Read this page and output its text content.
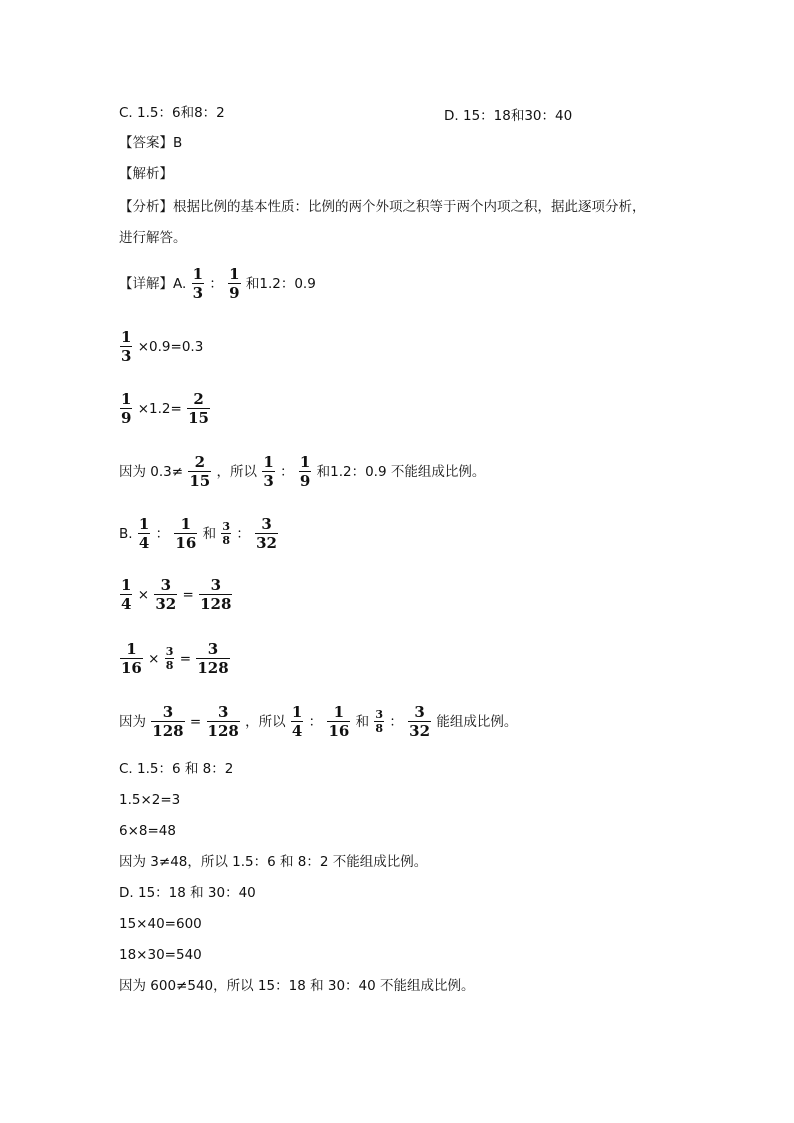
C. 1.5：6和8：2	D. 15：18和30：40
【答案】B
【解析】
【分析】根据比例的基本性质：比例的两个外项之积等于两个内项之积，据此逐项分析，
进行解答。
【详解】A. $\frac{1}{3}$ ： $\frac{1}{9}$ 和1.2：0.9
$\frac{1}{3} \times 0.9=0.3$
$\frac{1}{9} \times 1.2= \frac{2}{15}$
因为 $0.3\ne \frac{2}{15}$ ，所以 $\frac{1}{3}$ ： $\frac{1}{9}$ 和1.2：0.9 不能组成比例。
B. $\frac{1}{4}$ ： $\frac{1}{16}$ 和 $\frac{3}{8}$ ： $\frac{3}{32}$
$\frac{1}{4} \times \frac{3}{32} = \frac{3}{128}$
$\frac{1}{16} \times \frac{3}{8} = \frac{3}{128}$
因为 $\frac{3}{128} = \frac{3}{128}$ ，所以 $\frac{1}{4}$ ： $\frac{1}{16}$ 和 $\frac{3}{8}$ ： $\frac{3}{32}$ 能组成比例。
C. 1.5：6 和 8：2
1.5×2=3
6×8=48
因为 3≠48，所以 1.5：6 和 8：2 不能组成比例。
D. 15：18 和 30：40
15×40=600
18×30=540
因为 600≠540，所以 15：18 和 30：40 不能组成比例。
